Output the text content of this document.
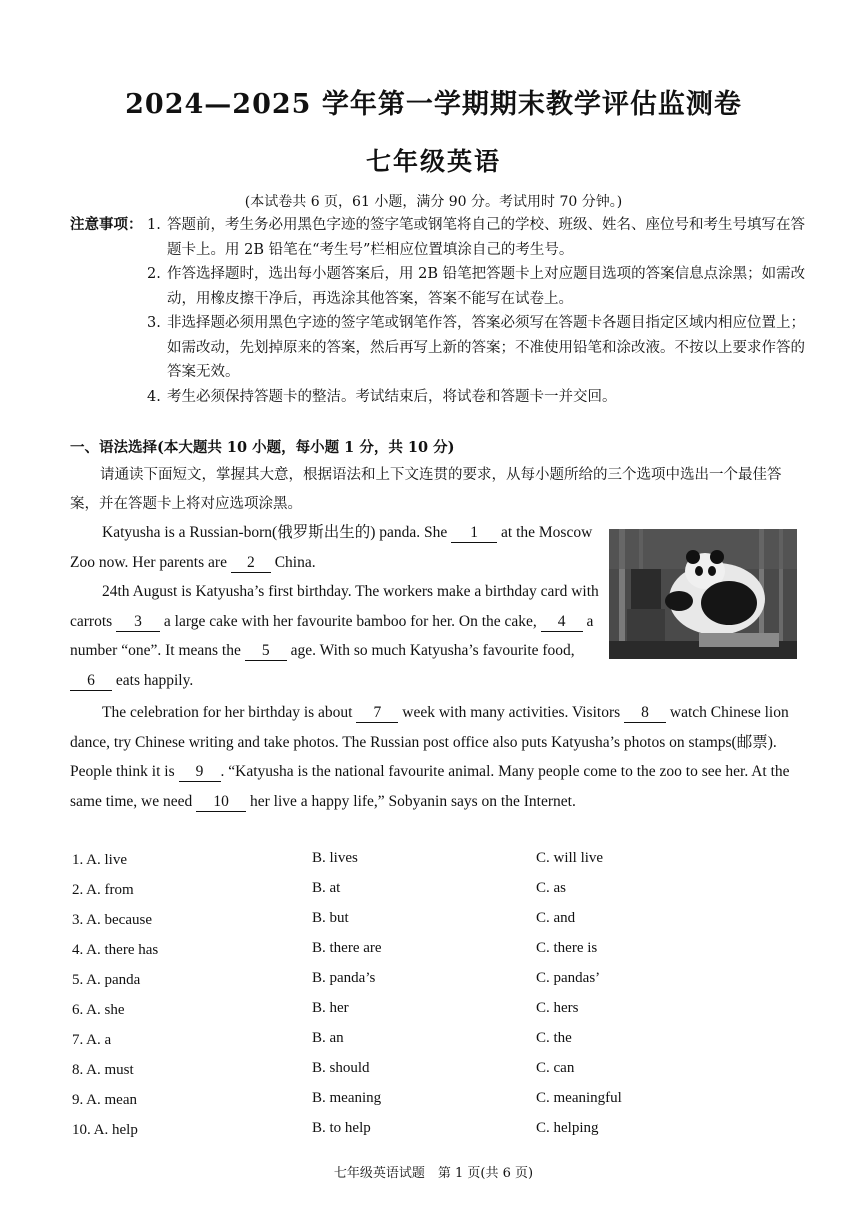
2024—2025 学年第一学期期末教学评估监测卷
七年级英语
(本试卷共 6 页，61 小题，满分 90 分。考试用时 70 分钟。)
注意事项： 1. 答题前，考生务必用黑色字迹的签字笔或钢笔将自己的学校、班级、姓名、座位号和考生号填写在答题卡上。用 2B 铅笔在“考生号”栏相应位置填涂自己的考生号。
2. 作答选择题时，选出每小题答案后，用 2B 铅笔把答题卡上对应题目选项的答案信息点涂黑；如需改动，用橡皮擦干净后，再选涂其他答案，答案不能写在试卷上。
3. 非选择题必须用黑色字迹的签字笔或钢笔作答，答案必须写在答题卡各题目指定区域内相应位置上；如需改动，先划掉原来的答案，然后再写上新的答案；不准使用铅笔和涂改液。不按以上要求作答的答案无效。
4. 考生必须保持答题卡的整洁。考试结束后，将试卷和答题卡一并交回。
一、语法选择(本大题共 10 小题，每小题 1 分，共 10 分)
请通读下面短文，掌握其大意，根据语法和上下文连贯的要求，从每小题所给的三个选项中选出一个最佳答案，并在答题卡上将对应选项涂黑。
Katyusha is a Russian-born(俄罗斯出生的) panda. She 1 at the Moscow Zoo now. Her parents are 2 China.
24th August is Katyusha’s first birthday. The workers make a birthday card with carrots 3 a large cake with her favourite bamboo for her. On the cake, 4 a number “one”. It means the 5 age. With so much Katyusha’s favourite food, 6 eats happily.
The celebration for her birthday is about 7 week with many activities. Visitors 8 watch Chinese lion dance, try Chinese writing and take photos. The Russian post office also puts Katyusha’s photos on stamps(邮票). People think it is 9 . “Katyusha is the national favourite animal. Many people come to the zoo to see her. At the same time, we need 10 her live a happy life,” Sobyanin says on the Internet.
1. A. live	B. lives	C. will live
2. A. from	B. at	C. as
3. A. because	B. but	C. and
4. A. there has	B. there are	C. there is
5. A. panda	B. panda’s	C. pandas’
6. A. she	B. her	C. hers
7. A. a	B. an	C. the
8. A. must	B. should	C. can
9. A. mean	B. meaning	C. meaningful
10. A. help	B. to help	C. helping
七年级英语试题　第 1 页(共 6 页)
